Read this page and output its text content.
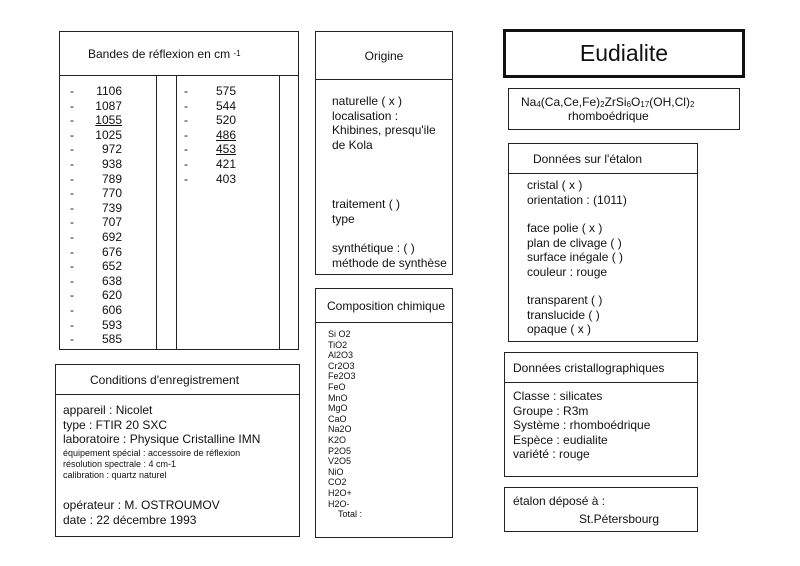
Bandes de réflexion en cm
-1
- 1106
- 1087
- 1055
- 1025
- 972
- 938
- 789
- 770
- 739
- 707
- 692
- 676
- 652
- 638
- 620
- 606
- 593
- 585
- 575
- 544
- 520
- 486
- 453
- 421
- 403
Origine
naturelle ( x )
localisation :
Khibines, presqu'ile
de Kola
traitement ( )
type
synthétique : ( )
méthode de synthèse
Composition chimique
Si O2
TiO2
Al2O3
Cr2O3
Fe2O3
FeO
MnO
MgO
CaO
Na2O
K2O
P2O5
V2O5
NiO
CO2
H2O+
H2O-
Total :
Conditions d'enregistrement
appareil : Nicolet
type : FTIR 20 SXC
laboratoire : Physique Cristalline IMN
équipement spécial : accessoire de réflexion
résolution spectrale : 4 cm-1
calibration : quartz naturel
opérateur : M. OSTROUMOV
date : 22 décembre 1993
Eudialite
$Na_4(Ca,Ce,Fe)_2ZrSi_6O_{17}(OH,Cl)_2$
rhomboédrique
Données sur l'étalon
cristal ( x )
orientation : (1011)
face polie ( x )
plan de clivage ( )
surface inégale ( )
couleur : rouge
transparent ( )
translucide ( )
opaque ( x )
Données cristallographiques
Classe : silicates
Groupe : R3m
Système : rhomboédrique
Espèce : eudialite
variété : rouge
étalon déposé à :
St.Pétersbourg
